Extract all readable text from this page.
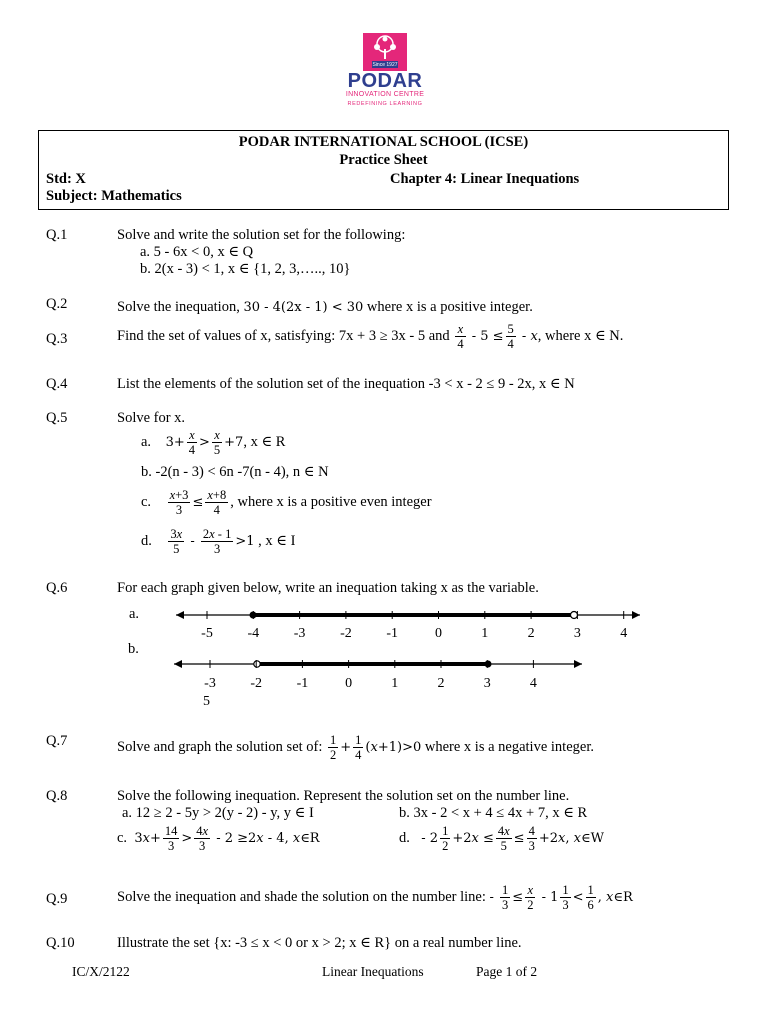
Since 1927
PODAR
INNOVATION CENTRE
REDEFINING LEARNING
PODAR INTERNATIONAL SCHOOL (ICSE)
Practice Sheet
Std: X	Chapter 4: Linear Inequations
Subject: Mathematics
Q.1	Solve and write the solution set for the following:
a. 5 - 6x < 0, x ∈ Q
b. 2(x - 3) < 1, x ∈ {1, 2, 3,….., 10}
Q.2	Solve the inequation, 30 - 4(2x - 1) < 30 where x is a positive integer.
Q.3	Find the set of values of x, satisfying: 7x + 3 ≥ 3x - 5 and $\frac{x}{4} - 5 \le \frac{5}{4} - x$, where x ∈ N.
Q.4	List the elements of the solution set of the inequation -3 < x - 2 ≤ 9 - 2x, x ∈ N
Q.5	Solve for x.
a. $3+ \frac{x}{4} > \frac{x}{5} +7$, x ∈ R
b. -2(n - 3) < 6n -7(n - 4), n ∈ N
c. $\frac{x+3}{3} \le \frac{x+8}{4}$ , where x is a positive even integer
d. $\frac{3x}{5} - \frac{2x - 1}{3} >1$ , x ∈ I
Q.6	For each graph given below, write an inequation taking x as the variable.
a.
b.
-5 -4 -3 -2 -1	0	1	2	3	4
-3 -2 -1	0	1	2	3	4
5
Q.7	Solve and graph the solution set of: $\frac{1}{2} + \frac{1}{4} (x+1)>0$ where x is a negative integer.
Q.8	Solve the following inequation. Represent the solution set on the number line.
a. 12 ≥ 2 - 5y > 2(y - 2) - y, y ∈ I	b. 3x - 2 < x + 4 ≤ 4x + 7, x ∈ R
c. $3x+ \frac{14}{3} > \frac{4x}{3} - 2 \ge 2x - 4$, x∈R	d.   - $2 \frac{1}{2} +2x \le \frac{4x}{5} \le \frac{4}{3} +2x$, x∈W
Q.9	Solve the inequation and shade the solution on the number line: - $\frac{1}{3} \le \frac{x}{2} - 1 \frac{1}{3} < \frac{1}{6}$ , x∈R
Q.10	Illustrate the set {x: -3 ≤ x < 0 or x > 2; x ∈ R} on a real number line.
IC/X/2122	Linear Inequations	Page 1 of 2
